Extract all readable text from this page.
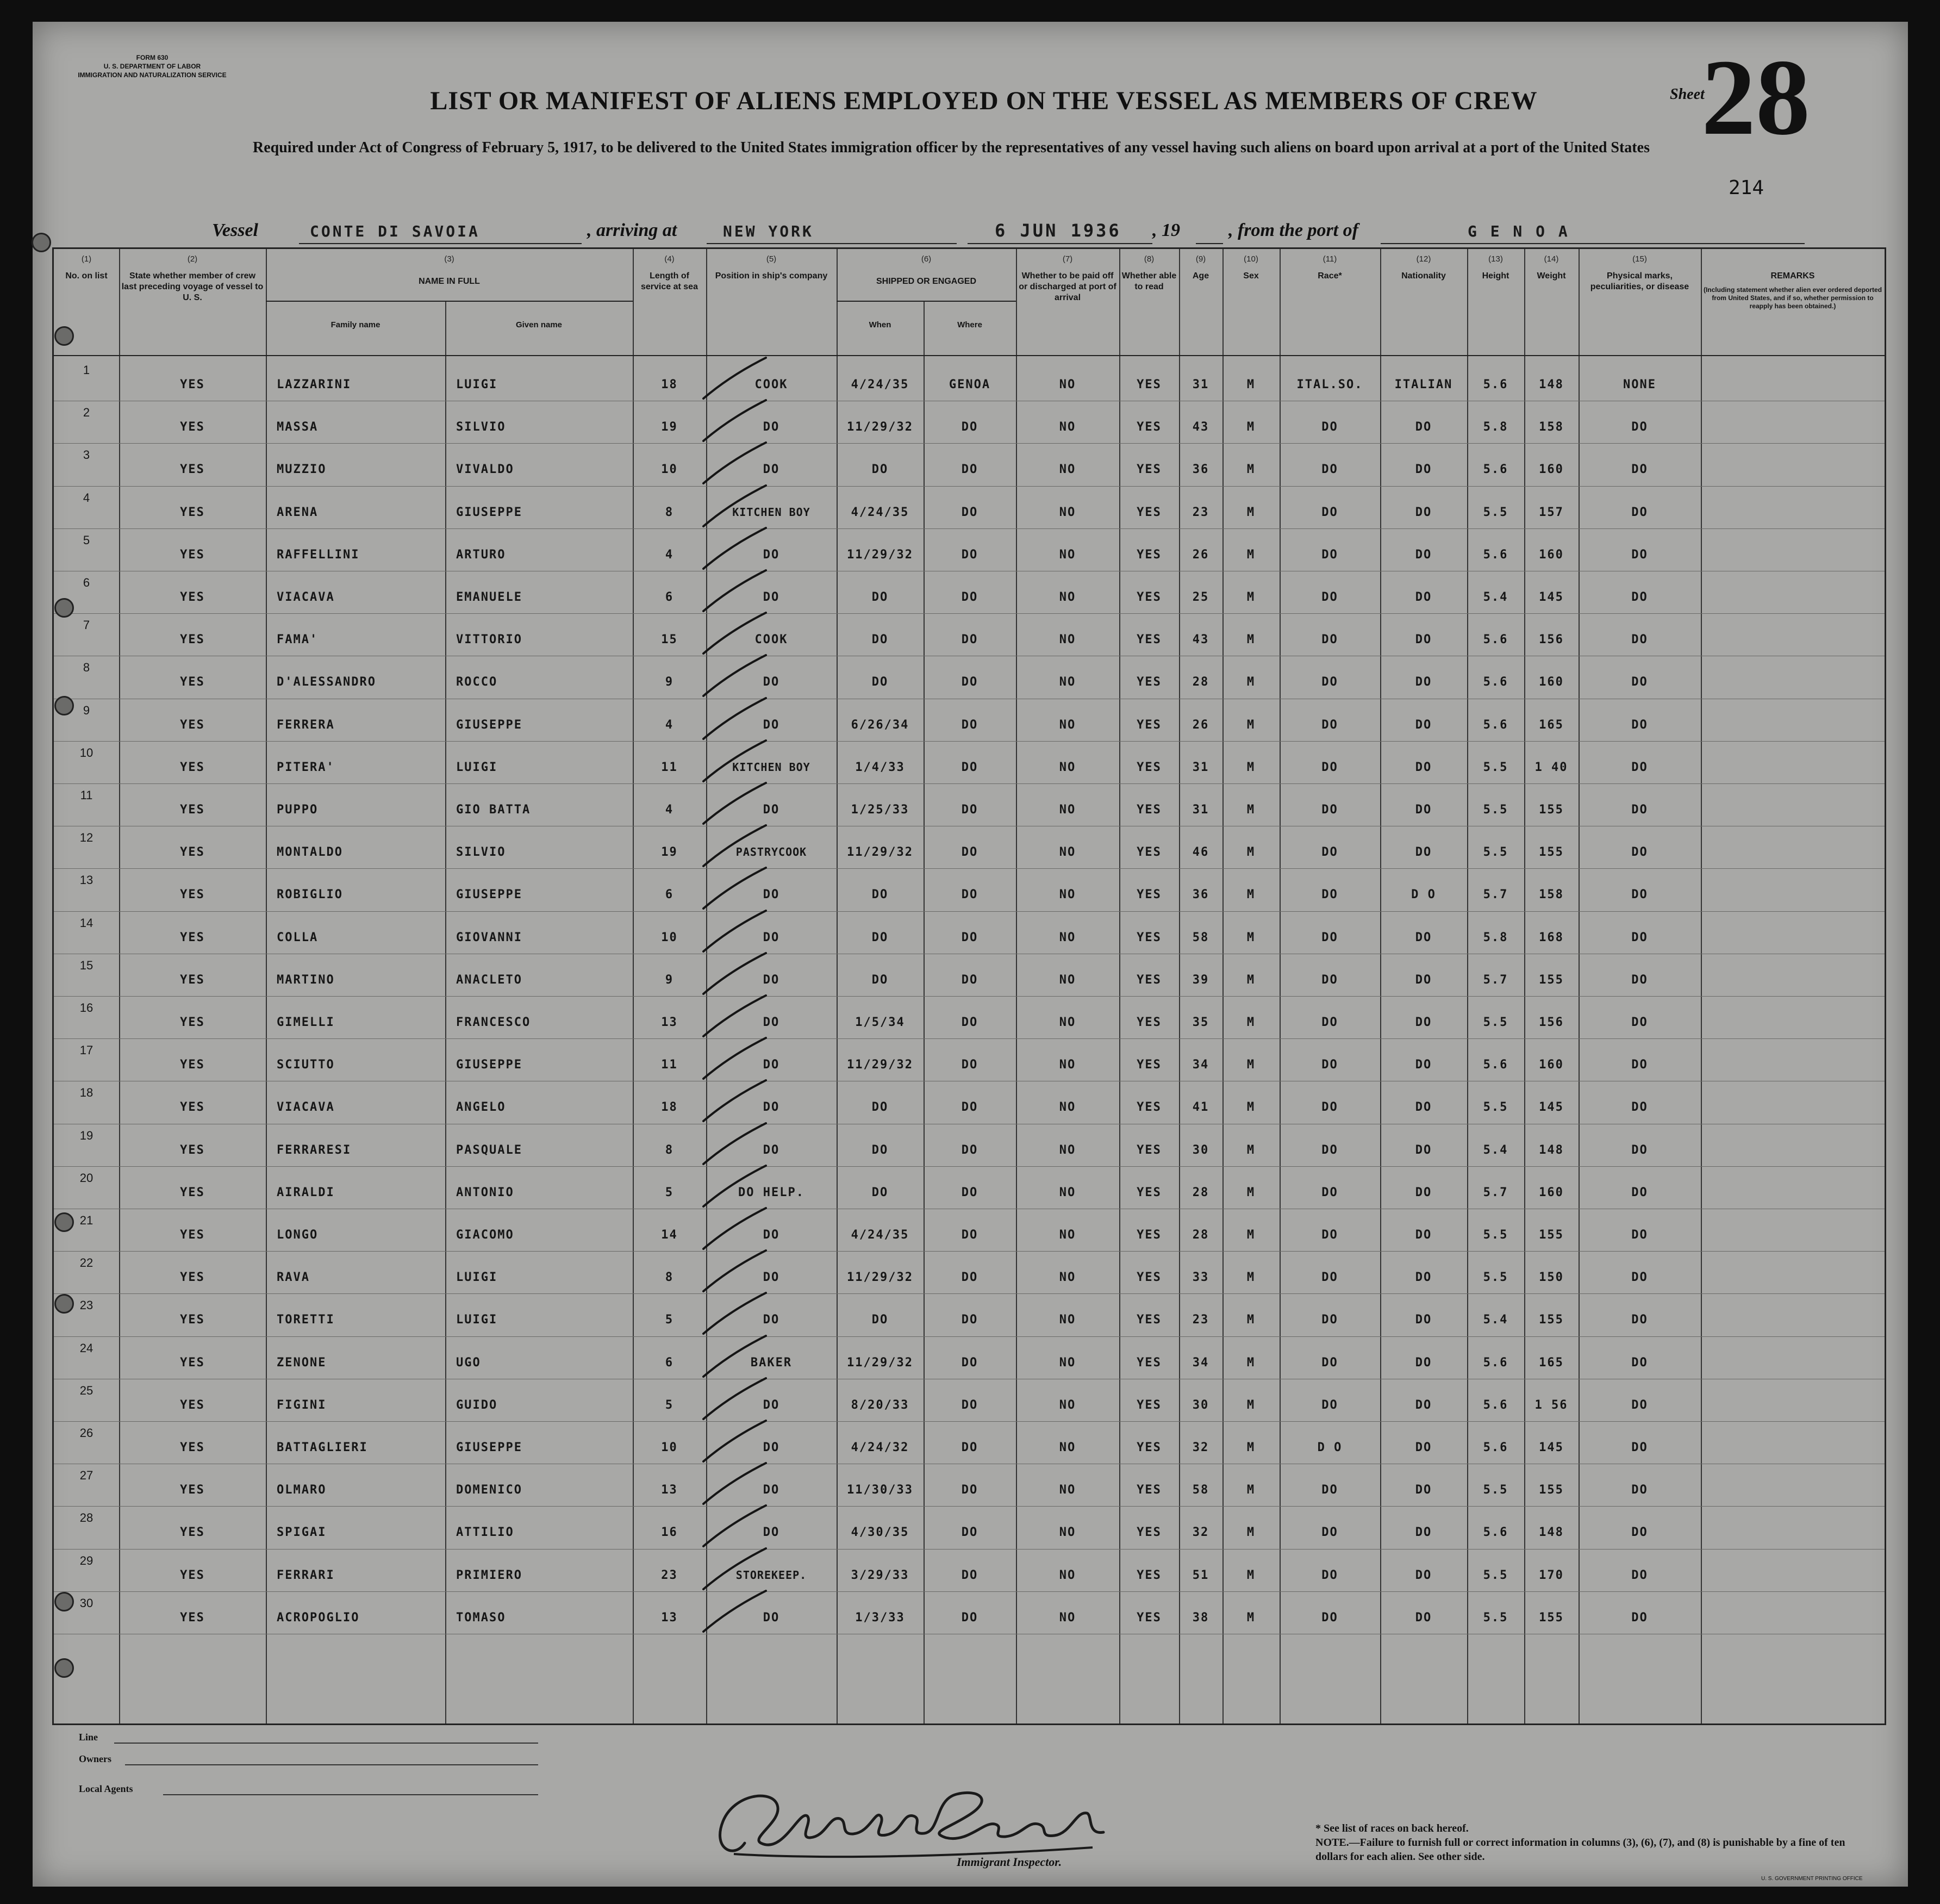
FORM 630
U. S. DEPARTMENT OF LABOR
IMMIGRATION AND NATURALIZATION SERVICE
LIST OR MANIFEST OF ALIENS EMPLOYED ON THE VESSEL AS MEMBERS OF CREW	Sheet
28
Required under Act of Congress of February 5, 1917, to be delivered to the United States immigration officer by the representatives of any vessel having such aliens on board upon arrival at a port of the United States
214
Vessel	CONTE DI SAVOIA	, arriving at	NEW YORK	6 JUN 1936 , 19	, from the port of	G E N O A
(1)
No. on list
(2)
State whether member of crew last preceding voyage of vessel to U. S.
(3)
NAME IN FULL
Family name	Given name
(4)
Length of service at sea
(5)
Position in ship's company
(6)
SHIPPED OR ENGAGED
When	Where
(7)
Whether to be paid off or discharged at port of arrival
(8)
Whether able to read
(9)
Age
(10)
Sex
(11)
Race*
(12)
Nationality
(13)
Height
(14)
Weight
(15)
Physical marks, peculiarities, or disease
REMARKS
(Including statement whether alien ever ordered deported from United States, and if so, whether permission to reapply has been obtained.)
1
YES	LAZZARINI	LUIGI	18	COOK	4/24/35	GENOA	NO	YES	31	M	ITAL.SO.	ITALIAN	5.6	148	NONE
2
YES	MASSA	SILVIO	19	DO	11/29/32	DO	NO	YES	43	M	DO	DO	5.8	158	DO
3
YES	MUZZIO	VIVALDO	10	DO	DO	DO	NO	YES	36	M	DO	DO	5.6	160	DO
4
YES	ARENA	GIUSEPPE	8	KITCHEN BOY	4/24/35	DO	NO	YES	23	M	DO	DO	5.5	157	DO
5
YES	RAFFELLINI	ARTURO	4	DO	11/29/32	DO	NO	YES	26	M	DO	DO	5.6	160	DO
6
YES	VIACAVA	EMANUELE	6	DO	DO	DO	NO	YES	25	M	DO	DO	5.4	145	DO
7
YES	FAMA'	VITTORIO	15	COOK	DO	DO	NO	YES	43	M	DO	DO	5.6	156	DO
8
YES	D'ALESSANDRO	ROCCO	9	DO	DO	DO	NO	YES	28	M	DO	DO	5.6	160	DO
9
YES	FERRERA	GIUSEPPE	4	DO	6/26/34	DO	NO	YES	26	M	DO	DO	5.6	165	DO
10
YES	PITERA'	LUIGI	11	KITCHEN BOY	1/4/33	DO	NO	YES	31	M	DO	DO	5.5	1 40	DO
11
YES	PUPPO	GIO BATTA	4	DO	1/25/33	DO	NO	YES	31	M	DO	DO	5.5	155	DO
12
YES	MONTALDO	SILVIO	19	PASTRYCOOK	11/29/32	DO	NO	YES	46	M	DO	DO	5.5	155	DO
13
YES	ROBIGLIO	GIUSEPPE	6	DO	DO	DO	NO	YES	36	M	DO	D O	5.7	158	DO
14
YES	COLLA	GIOVANNI	10	DO	DO	DO	NO	YES	58	M	DO	DO	5.8	168	DO
15
YES	MARTINO	ANACLETO	9	DO	DO	DO	NO	YES	39	M	DO	DO	5.7	155	DO
16
YES	GIMELLI	FRANCESCO	13	DO	1/5/34	DO	NO	YES	35	M	DO	DO	5.5	156	DO
17
YES	SCIUTTO	GIUSEPPE	11	DO	11/29/32	DO	NO	YES	34	M	DO	DO	5.6	160	DO
18
YES	VIACAVA	ANGELO	18	DO	DO	DO	NO	YES	41	M	DO	DO	5.5	145	DO
19
YES	FERRARESI	PASQUALE	8	DO	DO	DO	NO	YES	30	M	DO	DO	5.4	148	DO
20
YES	AIRALDI	ANTONIO	5	DO HELP.	DO	DO	NO	YES	28	M	DO	DO	5.7	160	DO
21
YES	LONGO	GIACOMO	14	DO	4/24/35	DO	NO	YES	28	M	DO	DO	5.5	155	DO
22
YES	RAVA	LUIGI	8	DO	11/29/32	DO	NO	YES	33	M	DO	DO	5.5	150	DO
23
YES	TORETTI	LUIGI	5	DO	DO	DO	NO	YES	23	M	DO	DO	5.4	155	DO
24
YES	ZENONE	UGO	6	BAKER	11/29/32	DO	NO	YES	34	M	DO	DO	5.6	165	DO
25
YES	FIGINI	GUIDO	5	DO	8/20/33	DO	NO	YES	30	M	DO	DO	5.6	1 56	DO
26
YES	BATTAGLIERI	GIUSEPPE	10	DO	4/24/32	DO	NO	YES	32	M	D O	DO	5.6	145	DO
27
YES	OLMARO	DOMENICO	13	DO	11/30/33	DO	NO	YES	58	M	DO	DO	5.5	155	DO
28
YES	SPIGAI	ATTILIO	16	DO	4/30/35	DO	NO	YES	32	M	DO	DO	5.6	148	DO
29
YES	FERRARI	PRIMIERO	23	STOREKEEP.	3/29/33	DO	NO	YES	51	M	DO	DO	5.5	170	DO
30
YES	ACROPOGLIO	TOMASO	13	DO	1/3/33	DO	NO	YES	38	M	DO	DO	5.5	155	DO
Line
Owners
Local Agents
Immigrant Inspector.
* See list of races on back hereof.
NOTE.—Failure to furnish full or correct information in columns (3), (6), (7), and (8) is punishable by a fine of ten dollars for each alien. See other side.
U. S. GOVERNMENT PRINTING OFFICE
